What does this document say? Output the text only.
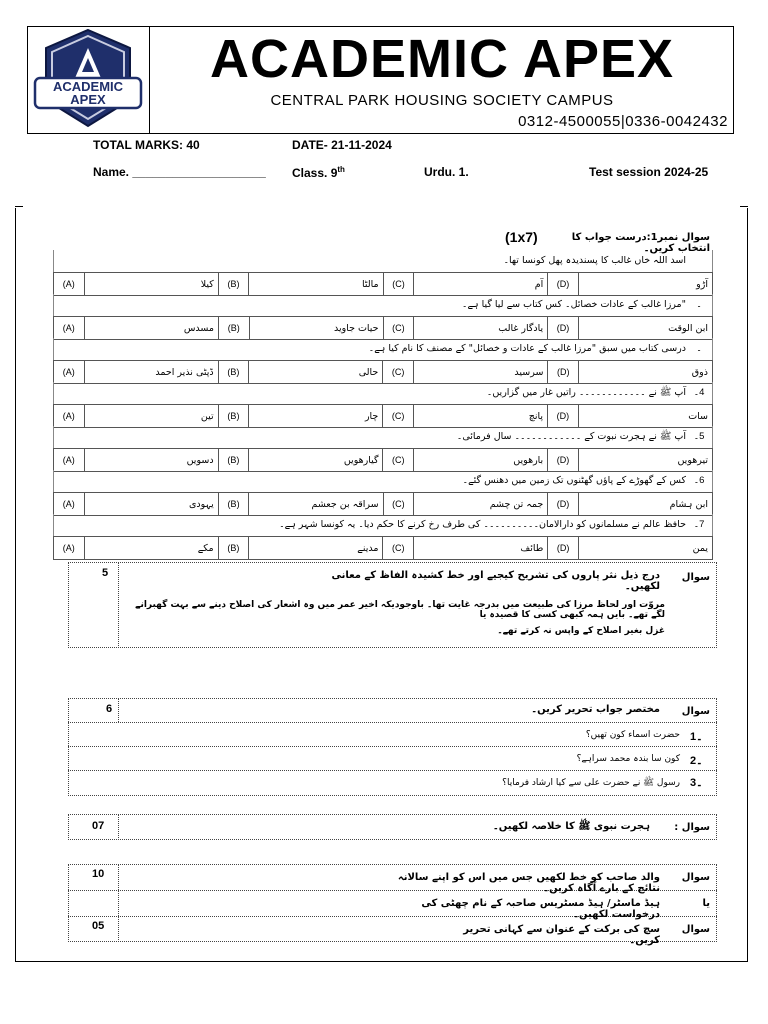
ACADEMIC
APEX
ACADEMIC APEX
CENTRAL PARK HOUSING SOCIETY CAMPUS
0312-4500055|0336-0042432
TOTAL MARKS: 40	DATE- 21-11-2024
Name. ____________________ Class. 9th	Urdu. 1.	Test session 2024-25
سوال نمبر1:درست جواب کا انتخاب کریں۔
(1x7)
اسد اللہ خاں غالب کا پسندیدہ پھل کونسا تھا۔
(A)	کیلا	(B)	مالٹا	(C)	آم	(D)	آڑو
۔"مرزا غالب کے عادات خصائل۔ کس کتاب سے لیا گیا ہے۔
(A)	مسدس	(B)	حیات جاوید	(C)	یادگار غالب	(D)	ابن الوقت
۔درسی کتاب میں سبق "مرزا غالب کے عادات و خصائل" کے مصنف کا نام کیا ہے۔
(A)	ڈپٹی نذیر احمد	(B)	حالی	(C)	سرسید	(D)	ذوق
4۔آپ ﷺ نے ۔۔۔۔۔۔۔۔۔۔۔۔ راتیں غار میں گزاریں۔
(A)	تین	(B)	چار	(C)	پانچ	(D)	سات
5۔آپ ﷺ نے ہجرت نبوت کے ۔۔۔۔۔۔۔۔۔۔۔۔ سال فرمائی۔
(A)	دسویں	(B)	گیارھویں	(C)	بارھویں	(D)	تیرھویں
6۔کس کے گھوڑے کے پاؤں گھٹنوں تک زمین میں دھنس گئے۔
(A)	یہودی	(B)	سراقہ بن جعشم	(C)	جمہ تن چشم	(D)	ابن ہشام
7۔حافظ عالم نے مسلمانوں کو دارالامان۔۔۔۔۔۔۔۔۔۔ کی طرف رخ کرنے کا حکم دیا۔ یہ کونسا شہر ہے۔
(A)	مکے	(B)	مدینے	(C)	طائف	(D)	یمن
5	سوال
درج ذیل نثر پاروں کی تشریح کیجیے اور خط کشیدہ الفاظ کے معانی لکھیں۔
مروّت اور لحاظ مرزا کی طبیعت میں بدرجہ غایت تھا۔ باوجودیکہ اخیر عمر میں وہ اشعار کی اصلاح دینے سے بہت گھبرانے لگے تھے۔ بایں ہمہ کبھی کسی کا قصیدہ یا
غزل بغیر اصلاح کے واپس نہ کرتے تھے۔
6	سوال
مختصر جواب تحریر کریں۔
1۔
حضرت اسماء کون تھیں؟
2۔
کون سا بندہ محمد سراہے؟
3۔
رسول ﷺ نے حضرت علی سے کیا ارشاد فرمایا؟
07	سوال :
ہجرت نبوی ﷺ کا خلاصہ لکھیں۔
10	سوال
والد صاحب کو خط لکھیں جس میں اس کو اپنے سالانہ نتائج کے بارے آگاہ کریں۔
یا
ہیڈ ماسٹر/ ہیڈ مسٹریس صاحبہ کے نام چھٹی کی درخواست لکھیں۔
05	سوال
سچ کی برکت کے عنوان سے کہانی تحریر کریں۔
